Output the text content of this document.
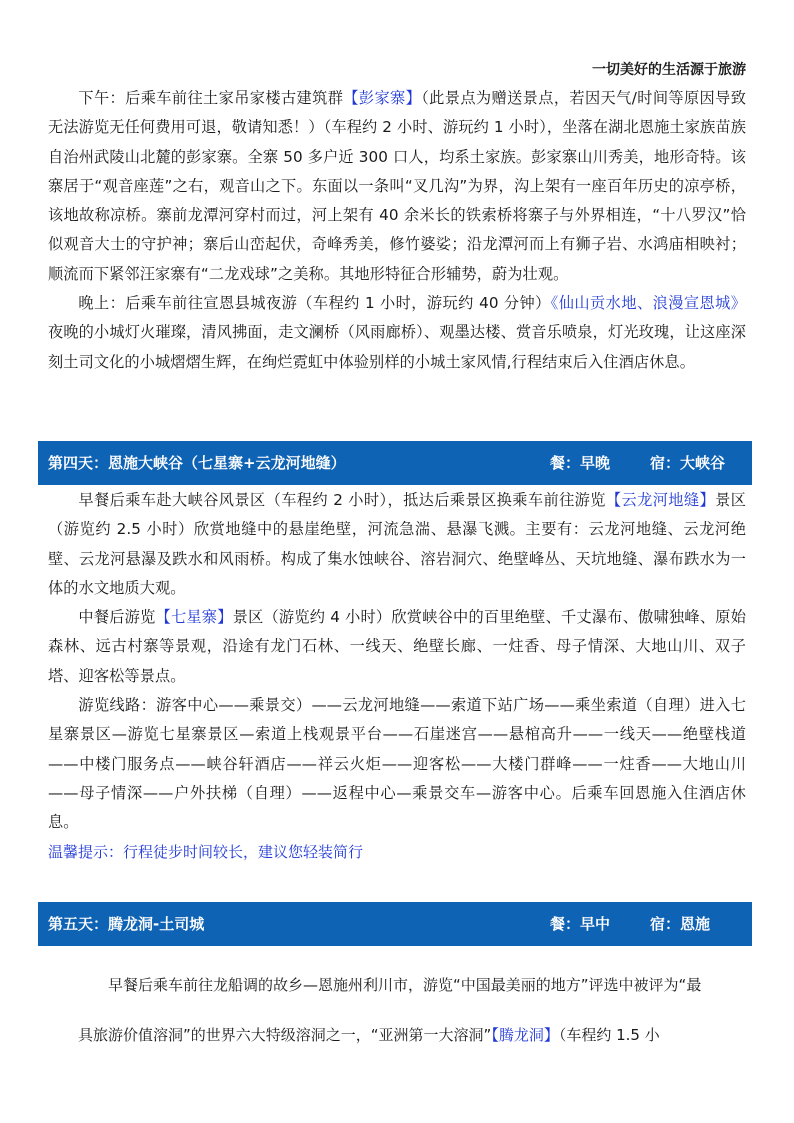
一切美好的生活源于旅游

下午：后乘车前往土家吊家楼古建筑群【彭家寨】（此景点为赠送景点，若因天气/时间等原因导致无法游览无任何费用可退，敬请知悉！）（车程约 2 小时、游玩约 1 小时），坐落在湖北恩施土家族苗族自治州武陵山北麓的彭家寨。全寨 50 多户近 300 口人，均系土家族。彭家寨山川秀美，地形奇特。该寨居于“观音座莲”之右，观音山之下。东面以一条叫“叉几沟”为界，沟上架有一座百年历史的凉亭桥，该地故称凉桥。寨前龙潭河穿村而过，河上架有 40 余米长的铁索桥将寨子与外界相连，“十八罗汉”恰似观音大士的守护神；寨后山峦起伏，奇峰秀美，修竹婆娑；沿龙潭河而上有狮子岩、水鸿庙相映衬；顺流而下紧邻汪家寨有“二龙戏球”之美称。其地形特征合形辅势，蔚为壮观。

晚上：后乘车前往宣恩县城夜游（车程约 1 小时，游玩约 40 分钟）《仙山贡水地、浪漫宣恩城》夜晚的小城灯火璀璨，清风拂面，走文澜桥（风雨廊桥）、观墨达楼、赏音乐喷泉，灯光玫瑰，让这座深刻土司文化的小城熠熠生辉，在绚烂霓虹中体验别样的小城土家风情,行程结束后入住酒店休息。

第四天：恩施大峡谷（七星寨+云龙河地缝）	餐：早晚	宿：大峡谷

早餐后乘车赴大峡谷风景区（车程约 2 小时），抵达后乘景区换乘车前往游览【云龙河地缝】景区（游览约 2.5 小时）欣赏地缝中的悬崖绝壁，河流急湍、悬瀑飞溅。主要有：云龙河地缝、云龙河绝壁、云龙河悬瀑及跌水和风雨桥。构成了集水蚀峡谷、溶岩洞穴、绝壁峰丛、天坑地缝、瀑布跌水为一体的水文地质大观。

中餐后游览【七星寨】景区（游览约 4 小时）欣赏峡谷中的百里绝壁、千丈瀑布、傲啸独峰、原始森林、远古村寨等景观，沿途有龙门石林、一线天、绝壁长廊、一炷香、母子情深、大地山川、双子塔、迎客松等景点。

游览线路：游客中心——乘景交）——云龙河地缝——索道下站广场——乘坐索道（自理）进入七星寨景区—游览七星寨景区—索道上栈观景平台——石崖迷宫——悬棺高升——一线天——绝壁栈道——中楼门服务点——峡谷轩酒店——祥云火炬——迎客松——大楼门群峰——一炷香——大地山川——母子情深——户外扶梯（自理）——返程中心—乘景交车—游客中心。后乘车回恩施入住酒店休息。

温馨提示：行程徒步时间较长，建议您轻装简行

第五天：腾龙洞-土司城	餐：早中	宿：恩施

早餐后乘车前往龙船调的故乡—恩施州利川市，游览“中国最美丽的地方”评选中被评为“最

具旅游价值溶洞”的世界六大特级溶洞之一，“亚洲第一大溶洞”【腾龙洞】（车程约 1.5 小
